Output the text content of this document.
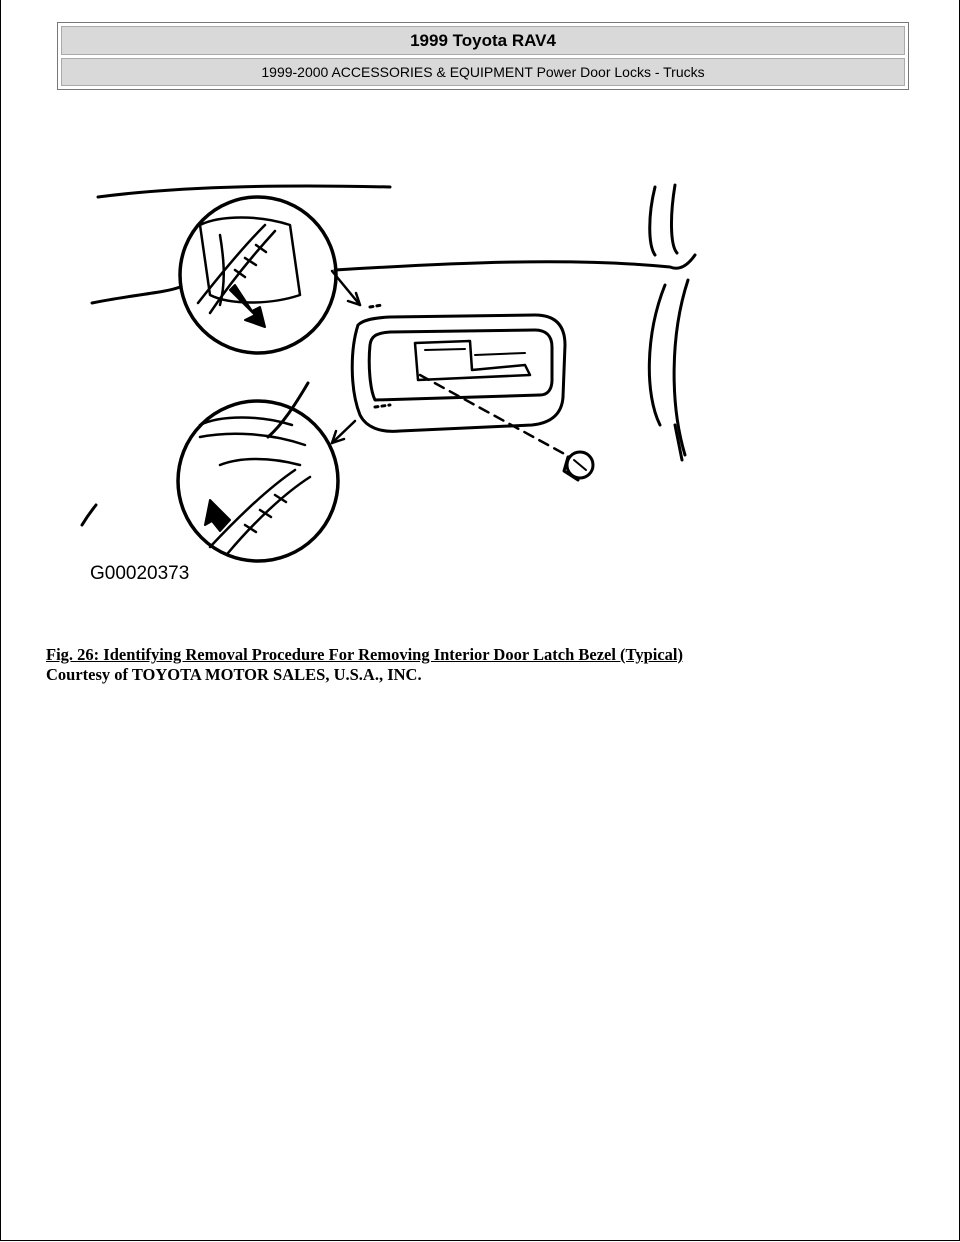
1999 Toyota RAV4
1999-2000 ACCESSORIES & EQUIPMENT Power Door Locks - Trucks
G00020373
Fig. 26: Identifying Removal Procedure For Removing Interior Door Latch Bezel (Typical)
Courtesy of TOYOTA MOTOR SALES, U.S.A., INC.
